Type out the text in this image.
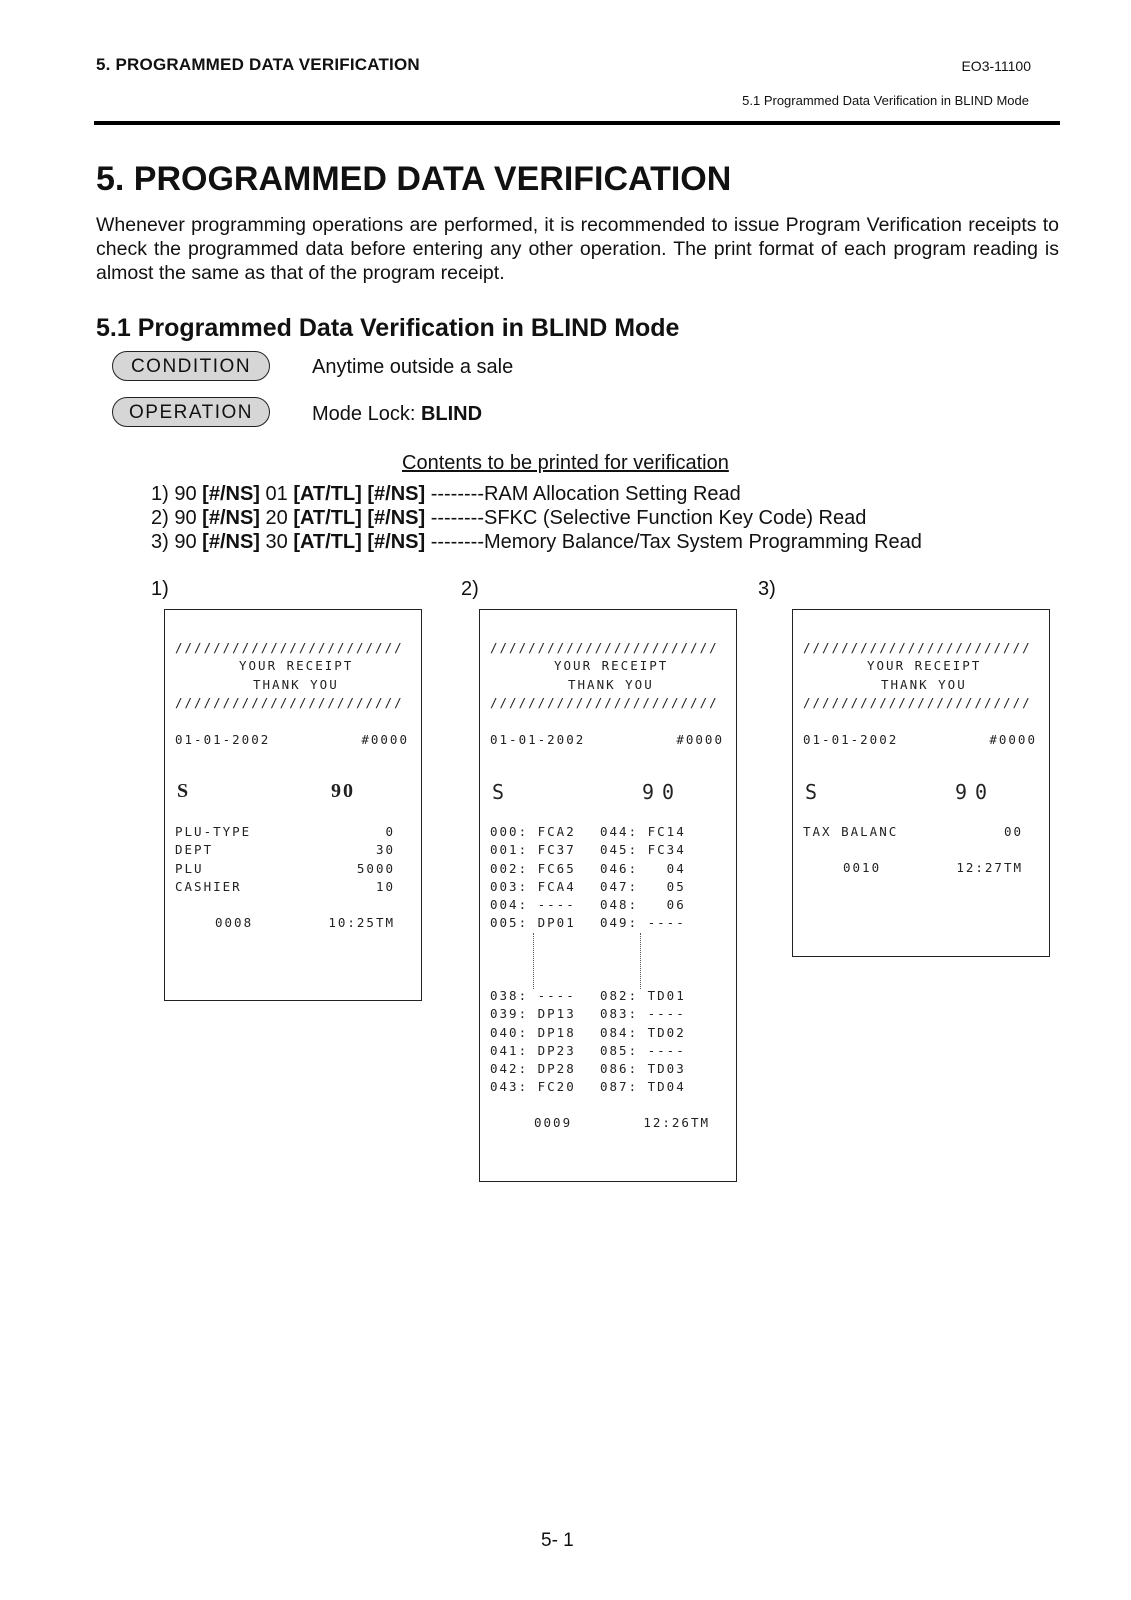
5. PROGRAMMED DATA VERIFICATION	EO3-11100
5.1 Programmed Data Verification in BLIND Mode
5. PROGRAMMED DATA VERIFICATION

Whenever programming operations are performed, it is recommended to issue Program Verification receipts to check the programmed data before entering any other operation. The print format of each program reading is almost the same as that of the program receipt.

5.1 Programmed Data Verification in BLIND Mode
CONDITION	Anytime outside a sale
OPERATION	Mode Lock: BLIND
Contents to be printed for verification
1) 90 [#/NS] 01 [AT/TL] [#/NS] --------RAM Allocation Setting Read
2) 90 [#/NS] 20 [AT/TL] [#/NS] --------SFKC (Selective Function Key Code) Read
3) 90 [#/NS] 30 [AT/TL] [#/NS] --------Memory Balance/Tax System Programming Read
1)	2)	3)
////////////////////////
YOUR RECEIPT
THANK YOU
////////////////////////
01-01-2002	#0000
S	90
PLU-TYPE	0
DEPT	30
PLU	5000
CASHIER	10
0008	10:25TM
////////////////////////
YOUR RECEIPT
THANK YOU
////////////////////////
01-01-2002	#0000
S	90
000: FCA2 044: FC14
001: FC37 045: FC34
002: FC65 046:   04
003: FCA4 047:   05
004: ---- 048:   06
005: DP01 049: ----
038: ---- 082: TD01
039: DP13 083: ----
040: DP18 084: TD02
041: DP23 085: ----
042: DP28 086: TD03
043: FC20 087: TD04
0009	12:26TM
////////////////////////
YOUR RECEIPT
THANK YOU
////////////////////////
01-01-2002	#0000
S	90
TAX BALANC	00
0010	12:27TM
5- 1
